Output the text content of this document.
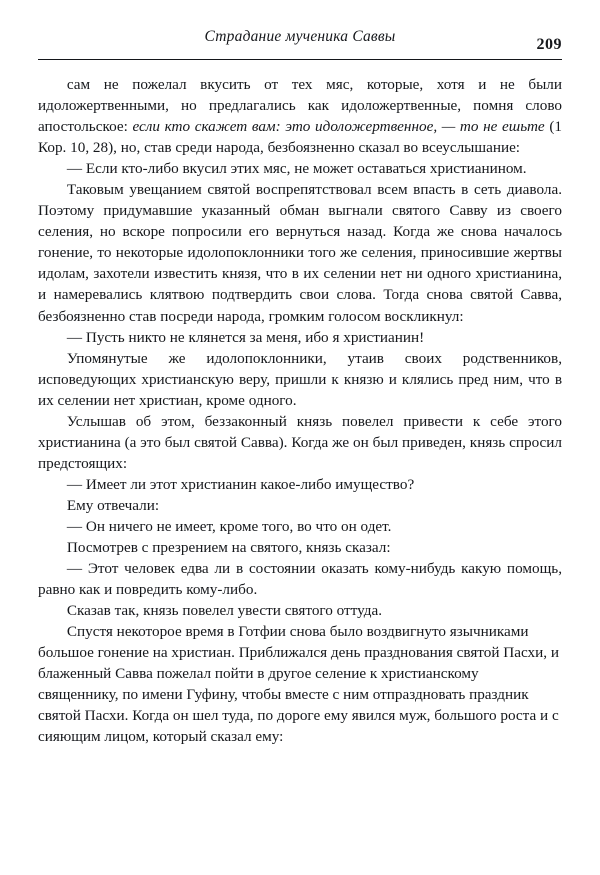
Страдание мученика Саввы	209

сам не пожелал вкусить от тех мяс, которые, хотя и не были идоложертвенными, но предлагались как идоложертвенные, помня слово апостольское: если кто скажет вам: это идоложертвенное, — то не ешьте (1 Кор. 10, 28), но, став среди народа, безбоязненно сказал во всеуслышание:

— Если кто-либо вкусил этих мяс, не может оставаться христианином.

Таковым увещанием святой воспрепятствовал всем впасть в сеть диавола. Поэтому придумавшие указанный обман выгнали святого Савву из своего селения, но вскоре попросили его вернуться назад. Когда же снова началось гонение, то некоторые идолопоклонники того же селения, приносившие жертвы идолам, захотели известить князя, что в их селении нет ни одного христианина, и намеревались клятвою подтвердить свои слова. Тогда снова святой Савва, безбоязненно став посреди народа, громким голосом воскликнул:

— Пусть никто не клянется за меня, ибо я христианин!

Упомянутые же идолопоклонники, утаив своих родственников, исповедующих христианскую веру, пришли к князю и клялись пред ним, что в их селении нет христиан, кроме одного.

Услышав об этом, беззаконный князь повелел привести к себе этого христианина (а это был святой Савва). Когда же он был приведен, князь спросил предстоящих:

— Имеет ли этот христианин какое-либо имущество?

Ему отвечали:

— Он ничего не имеет, кроме того, во что он одет.

Посмотрев с презрением на святого, князь сказал:

— Этот человек едва ли в состоянии оказать кому-нибудь какую помощь, равно как и повредить кому-либо.

Сказав так, князь повелел увести святого оттуда.

Спустя некоторое время в Готфии снова было воздвигнуто язычниками большое гонение на христиан. Приближался день празднования святой Пасхи, и блаженный Савва пожелал пойти в другое селение к христианскому священнику, по имени Гуфину, чтобы вместе с ним отпраздновать праздник святой Пасхи. Когда он шел туда, по дороге ему явился муж, большого роста и с сияющим лицом, который сказал ему:
